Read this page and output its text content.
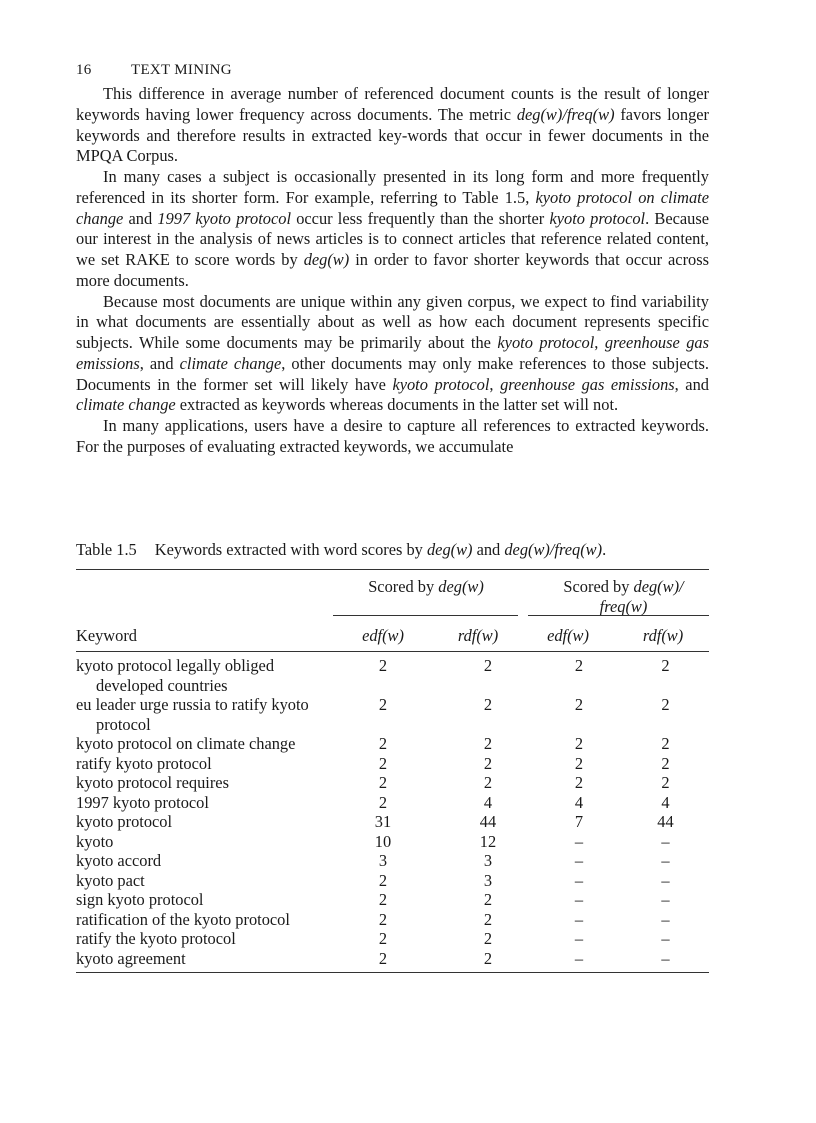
16	TEXT MINING

This difference in average number of referenced document counts is the result of longer keywords having lower frequency across documents. The metric deg(w)/freq(w) favors longer keywords and therefore results in extracted key-words that occur in fewer documents in the MPQA Corpus.

In many cases a subject is occasionally presented in its long form and more frequently referenced in its shorter form. For example, referring to Table 1.5, kyoto protocol on climate change and 1997 kyoto protocol occur less frequently than the shorter kyoto protocol. Because our interest in the analysis of news articles is to connect articles that reference related content, we set RAKE to score words by deg(w) in order to favor shorter keywords that occur across more documents.

Because most documents are unique within any given corpus, we expect to find variability in what documents are essentially about as well as how each document represents specific subjects. While some documents may be primarily about the kyoto protocol, greenhouse gas emissions, and climate change, other documents may only make references to those subjects. Documents in the former set will likely have kyoto protocol, greenhouse gas emissions, and climate change extracted as keywords whereas documents in the latter set will not.

In many applications, users have a desire to capture all references to extracted keywords. For the purposes of evaluating extracted keywords, we accumulate

Table 1.5 Keywords extracted with word scores by deg(w) and deg(w)/freq(w).
Scored by deg(w)	Scored by deg(w)/
freq(w)
Keyword	edf(w)	rdf(w)	edf(w)	rdf(w)
kyoto protocol legally obliged developed countries	2	2	2	2

eu leader urge russia to ratify kyoto protocol	2	2	2	2

kyoto protocol on climate change	2	2	2	2

ratify kyoto protocol	2	2	2	2

kyoto protocol requires	2	2	2	2

1997 kyoto protocol	2	4	4	4

kyoto protocol	31	44	7	44

kyoto	10	12	–	–

kyoto accord	3	3	–	–

kyoto pact	2	3	–	–

sign kyoto protocol	2	2	–	–

ratification of the kyoto protocol	2	2	–	–

ratify the kyoto protocol	2	2	–	–

kyoto agreement	2	2	–	–
